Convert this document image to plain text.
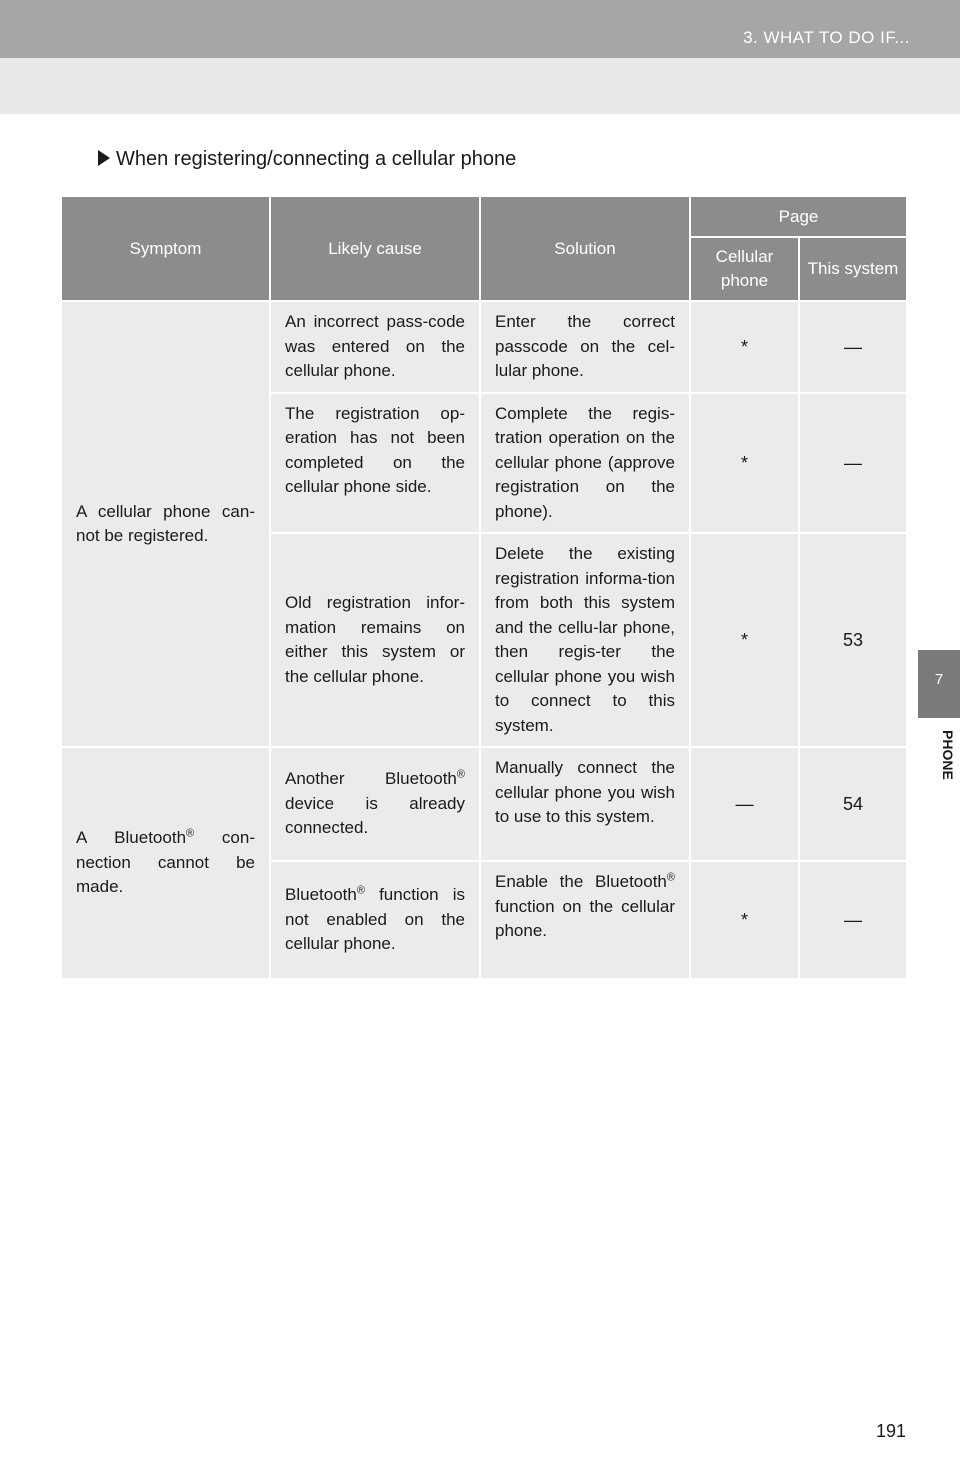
3. WHAT TO DO IF...
When registering/connecting a cellular phone
Symptom	Likely cause	Solution	Page	
			Cellular phone	This system
A cellular phone can-not be registered.	An incorrect pass-code was entered on the cellular phone.	Enter the correct passcode on the cel-lular phone.	*	—
	The registration op-eration has not been completed on the cellular phone side.	Complete the regis-tration operation on the cellular phone (approve registration on the phone).	*	—
	Old registration infor-mation remains on either this system or the cellular phone.	Delete the existing registration informa-tion from both this system and the cellu-lar phone, then regis-ter the cellular phone you wish to connect to this system.	*	53
A Bluetooth® con-nection cannot be made.	Another Bluetooth® device is already connected.	Manually connect the cellular phone you wish to use to this system.	—	54
	Bluetooth® function is not enabled on the cellular phone.	Enable the Bluetooth® function on the cellular phone.	*	—
7
PHONE
191
